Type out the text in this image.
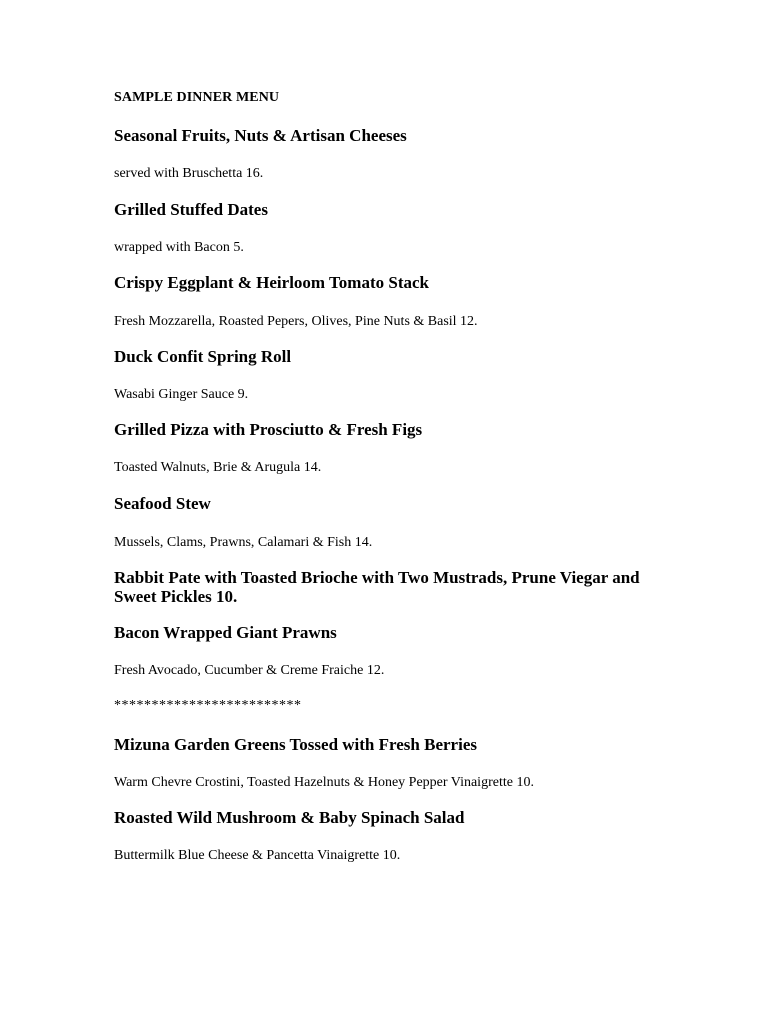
SAMPLE DINNER MENU
Seasonal Fruits, Nuts & Artisan Cheeses
served with Bruschetta 16.
Grilled Stuffed Dates
wrapped with Bacon 5.
Crispy Eggplant & Heirloom Tomato Stack
Fresh Mozzarella, Roasted Pepers, Olives, Pine Nuts & Basil 12.
Duck Confit Spring Roll
Wasabi Ginger Sauce 9.
Grilled Pizza with Prosciutto & Fresh Figs
Toasted Walnuts, Brie & Arugula 14.
Seafood Stew
Mussels, Clams, Prawns, Calamari & Fish 14.
Rabbit Pate with Toasted Brioche with Two Mustrads, Prune Viegar and Sweet Pickles 10.
Bacon Wrapped Giant Prawns
Fresh Avocado, Cucumber & Creme Fraiche 12.
*************************
Mizuna Garden Greens Tossed with Fresh Berries
Warm Chevre Crostini, Toasted Hazelnuts & Honey Pepper Vinaigrette 10.
Roasted Wild Mushroom & Baby Spinach Salad
Buttermilk Blue Cheese & Pancetta Vinaigrette 10.
